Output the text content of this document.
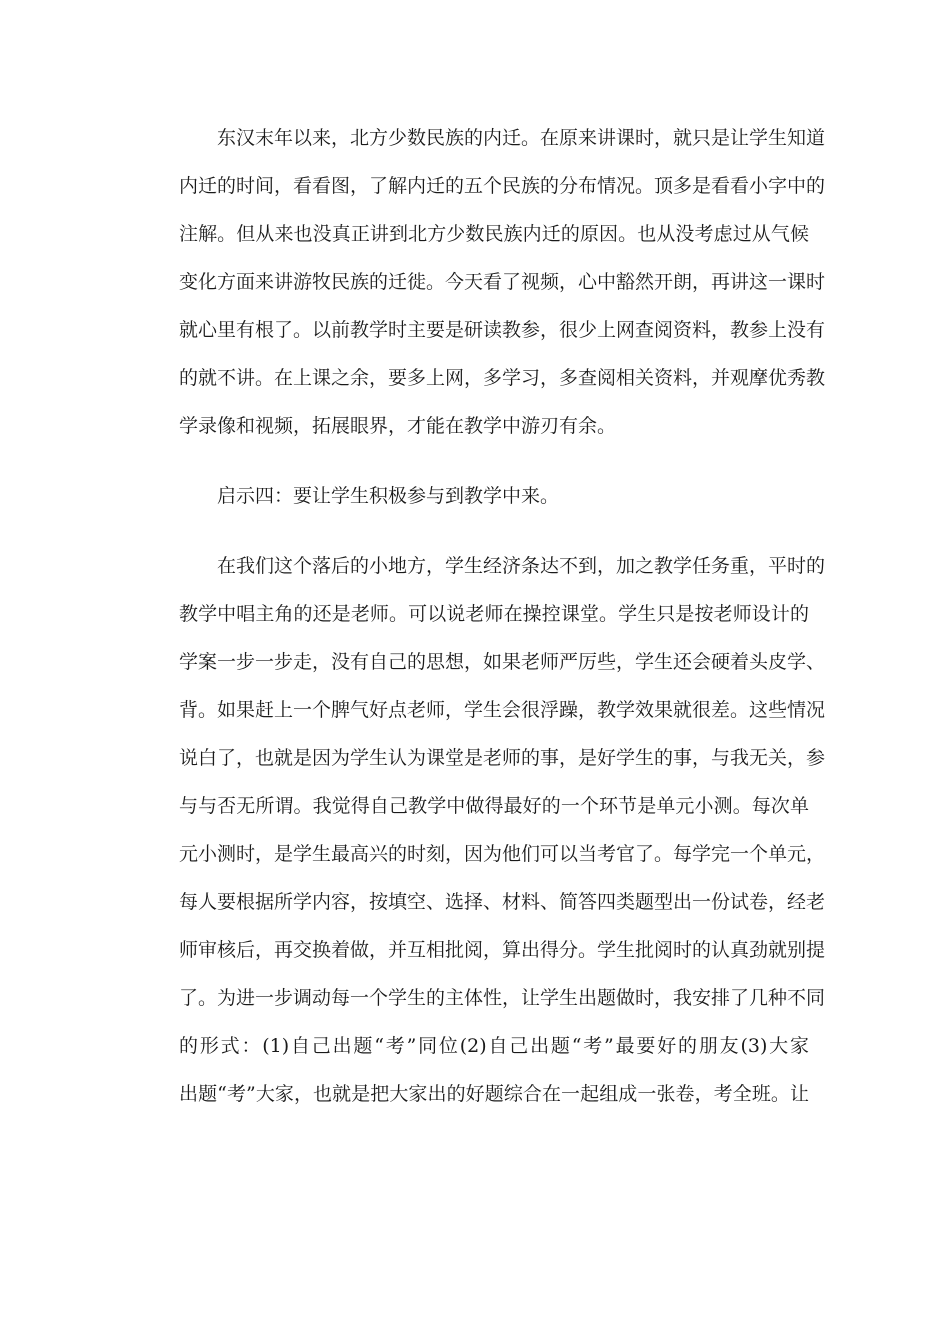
东汉末年以来，北方少数民族的内迁。在原来讲课时，就只是让学生知道
内迁的时间，看看图，了解内迁的五个民族的分布情况。顶多是看看小字中的
注解。但从来也没真正讲到北方少数民族内迁的原因。也从没考虑过从气候
变化方面来讲游牧民族的迁徙。今天看了视频，心中豁然开朗，再讲这一课时
就心里有根了。以前教学时主要是研读教参，很少上网查阅资料，教参上没有
的就不讲。在上课之余，要多上网，多学习，多查阅相关资料，并观摩优秀教
学录像和视频，拓展眼界，才能在教学中游刃有余。
启示四：要让学生积极参与到教学中来。
在我们这个落后的小地方，学生经济条达不到，加之教学任务重，平时的
教学中唱主角的还是老师。可以说老师在操控课堂。学生只是按老师设计的
学案一步一步走，没有自己的思想，如果老师严厉些，学生还会硬着头皮学、
背。如果赶上一个脾气好点老师，学生会很浮躁，教学效果就很差。这些情况
说白了，也就是因为学生认为课堂是老师的事，是好学生的事，与我无关，参
与与否无所谓。我觉得自己教学中做得最好的一个环节是单元小测。每次单
元小测时，是学生最高兴的时刻，因为他们可以当考官了。每学完一个单元，
每人要根据所学内容，按填空、选择、材料、简答四类题型出一份试卷，经老
师审核后，再交换着做，并互相批阅，算出得分。学生批阅时的认真劲就别提
了。为进一步调动每一个学生的主体性，让学生出题做时，我安排了几种不同
的形式：(1)自己出题“考”同位(2)自己出题“考”最要好的朋友(3)大家
出题“考”大家，也就是把大家出的好题综合在一起组成一张卷，考全班。让
